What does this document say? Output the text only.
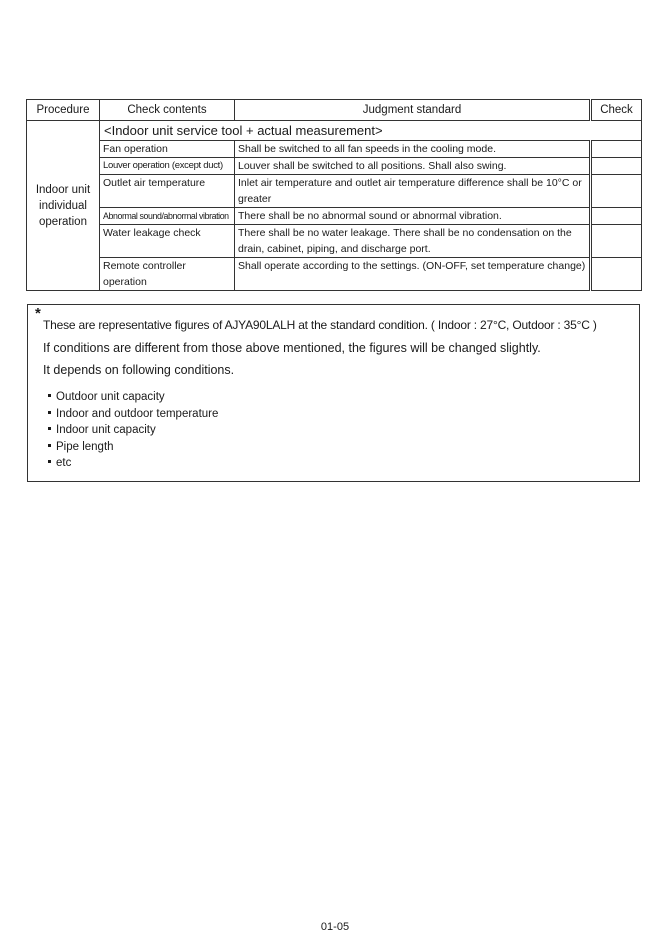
Procedure	Check contents	Judgment standard	Check
Indoor unit individual operation	<Indoor unit service tool + actual measurement>		
	Fan operation	Shall be switched to all fan speeds in the cooling mode.	
	Louver operation (except duct)	Louver shall be switched to all positions. Shall also swing.	
	Outlet air temperature	Inlet air temperature and outlet air temperature difference shall be 10°C or greater	
	Abnormal sound/abnormal vibration	There shall be no abnormal sound or abnormal vibration.	
	Water leakage check	There shall be no water leakage. There shall be no condensation on the drain, cabinet, piping, and discharge port.	
	Remote controller operation	Shall operate according to the settings. (ON-OFF, set temperature change)	
*
These are representative figures of AJYA90LALH at the standard condition. ( Indoor : 27°C, Outdoor : 35°C )
If conditions are different from those above mentioned, the figures will be changed slightly.
It depends on following conditions.
Outdoor unit capacity
Indoor and outdoor temperature
Indoor unit capacity
Pipe length
etc
01-05
